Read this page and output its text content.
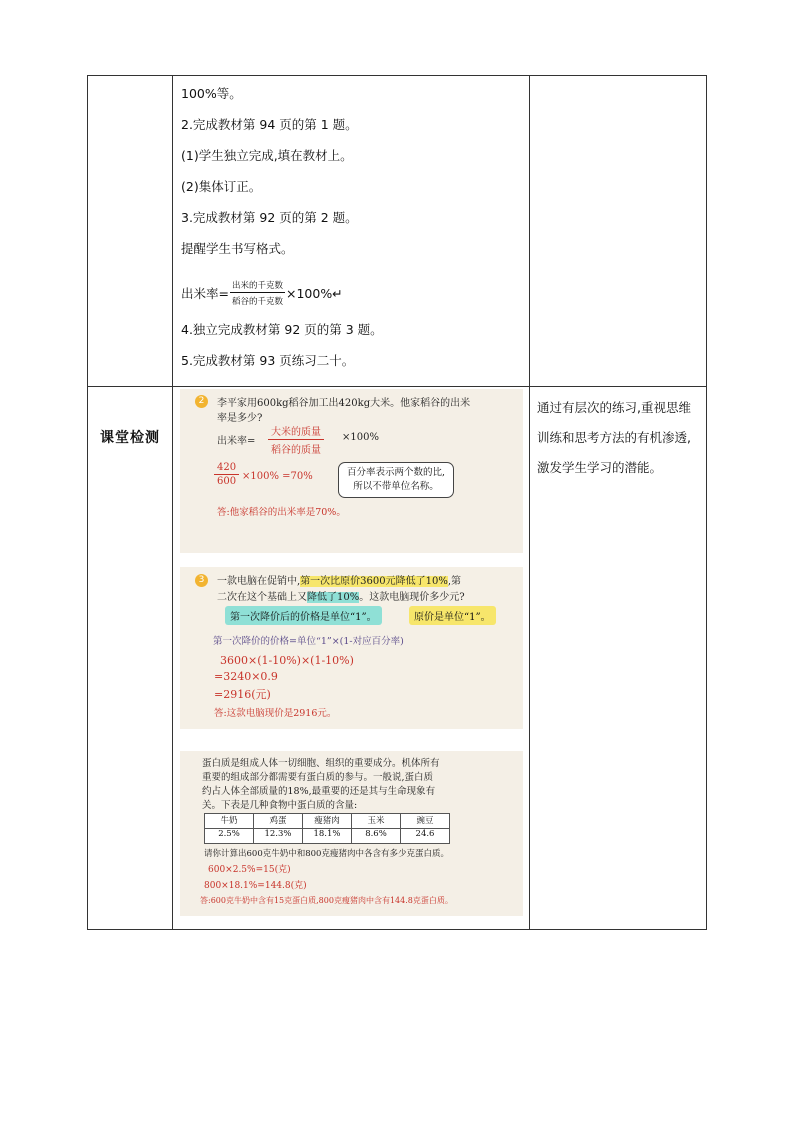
100%等。
2.完成教材第 94 页的第 1 题。
(1)学生独立完成,填在教材上。
(2)集体订正。
3.完成教材第 92 页的第 2 题。
提醒学生书写格式。
出米率= $\frac{\text{出米的千克数}}{\text{稻谷的千克数}}$ ×100%↵
4.独立完成教材第 92 页的第 3 题。
5.完成教材第 93 页练习二十。

课堂检测	
2	李平家用600kg稻谷加工出420kg大米。他家稻谷的出米
率是多少?
出米率=
大米的质量
稻谷的质量
×100%
$\frac{420}{600} \times 100\% =70\%$	百分率表示两个数的比,
所以不带单位名称。
答:他家稻谷的出米率是70%。
3	一款电脑在促销中,第一次比原价3600元降低了10%,第
二次在这个基础上又降低了10%。这款电脑现价多少元?
第一次降价后的价格是单位“1”。	原价是单位“1”。
第一次降价的价格=单位“1”×(1-对应百分率)
3600×(1-10%)×(1-10%)
=3240×0.9
=2916(元)
答:这款电脑现价是2916元。
蛋白质是组成人体一切细胞、组织的重要成分。机体所有
重要的组成部分都需要有蛋白质的参与。一般说,蛋白质
约占人体全部质量的18%,最重要的还是其与生命现象有
关。下表是几种食物中蛋白质的含量:
牛奶	鸡蛋	瘦猪肉	玉米	豌豆
2.5%	12.3%	18.1%	8.6%	24.6
请你计算出600克牛奶中和800克瘦猪肉中各含有多少克蛋白质。
600×2.5%=15(克)
800×18.1%=144.8(克)
答:600克牛奶中含有15克蛋白质,800克瘦猪肉中含有144.8克蛋白质。
	通过有层次的练习,重视思维训练和思考方法的有机渗透,激发学生学习的潜能。
